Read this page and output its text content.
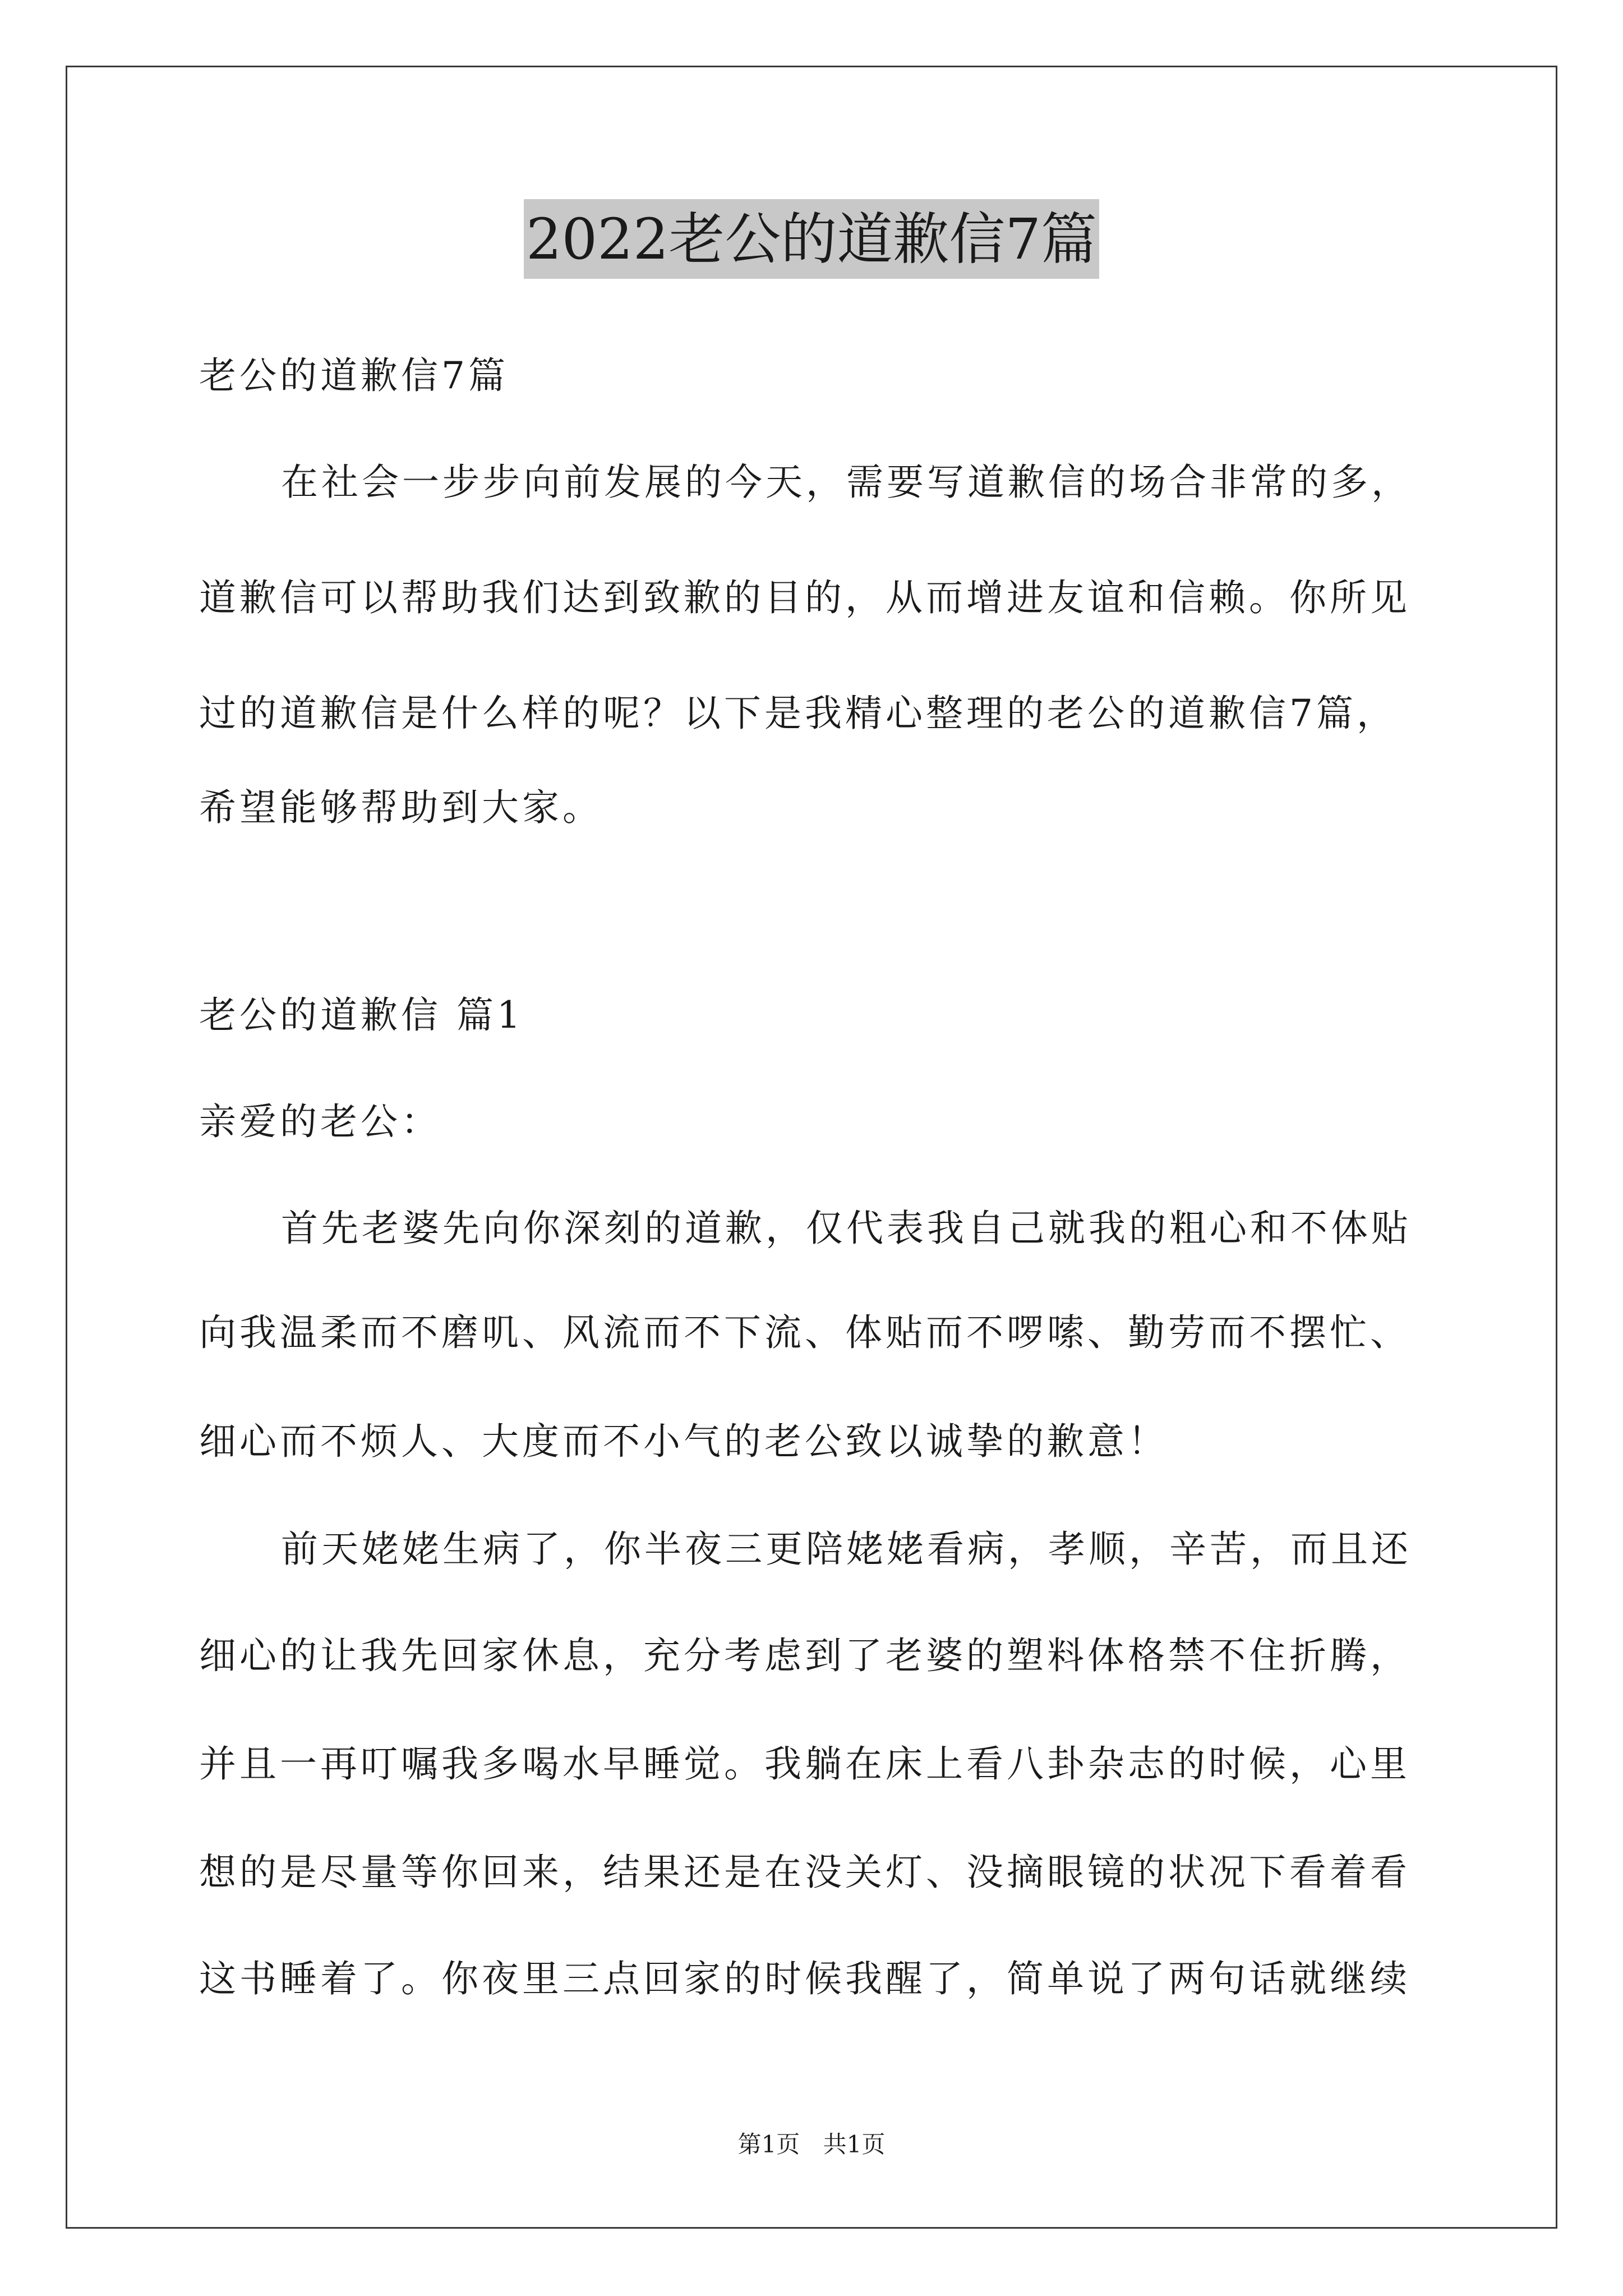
2022老公的道歉信7篇
老公的道歉信7篇
在社会一步步向前发展的今天，需要写道歉信的场合非常的多，
道歉信可以帮助我们达到致歉的目的，从而增进友谊和信赖。你所见
过的道歉信是什么样的呢？以下是我精心整理的老公的道歉信7篇，
希望能够帮助到大家。
老公的道歉信 篇1
亲爱的老公：
首先老婆先向你深刻的道歉，仅代表我自己就我的粗心和不体贴
向我温柔而不磨叽、风流而不下流、体贴而不啰嗦、勤劳而不摆忙、
细心而不烦人、大度而不小气的老公致以诚挚的歉意！
前天姥姥生病了，你半夜三更陪姥姥看病，孝顺，辛苦，而且还
细心的让我先回家休息，充分考虑到了老婆的塑料体格禁不住折腾，
并且一再叮嘱我多喝水早睡觉。我躺在床上看八卦杂志的时候，心里
想的是尽量等你回来，结果还是在没关灯、没摘眼镜的状况下看着看
这书睡着了。你夜里三点回家的时候我醒了，简单说了两句话就继续
第1页 共1页
